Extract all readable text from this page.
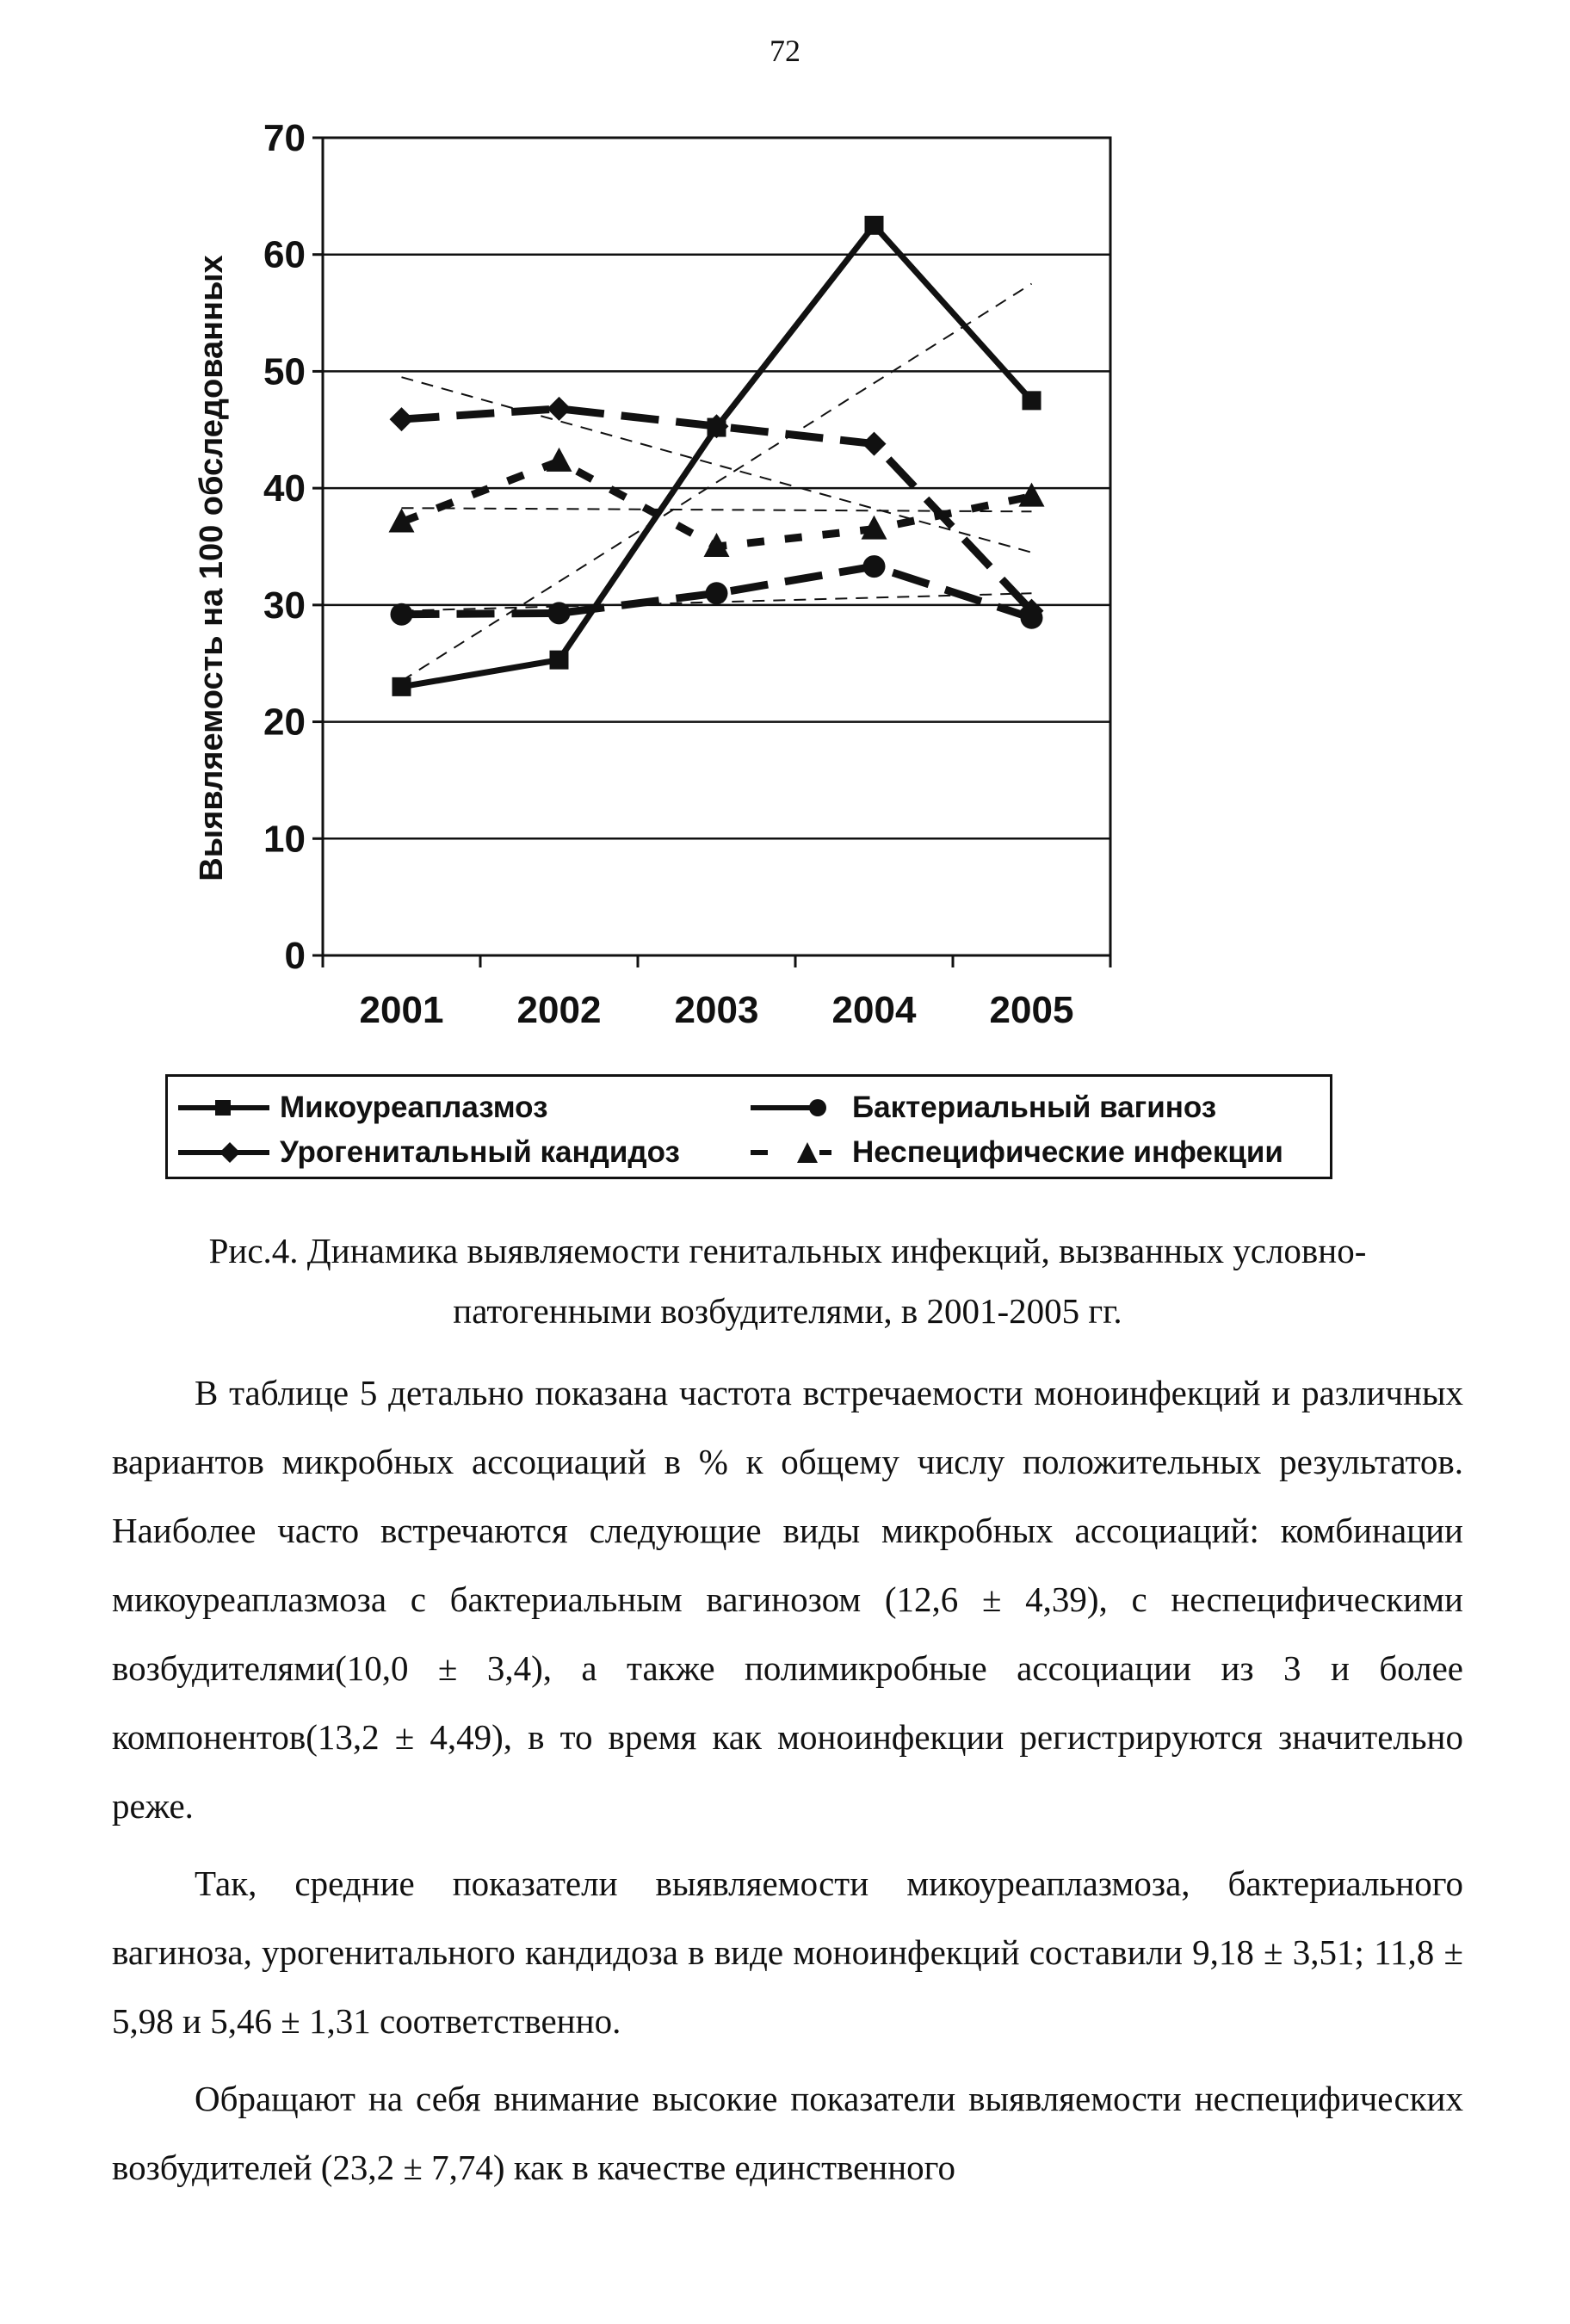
72
0
10
20
30
40
50
60
70
2001 2002 2003 2004 2005
Выявляемость на 100 обследованных
Микоуреаплазмоз	Бактериальный вагиноз
Урогенитальный кандидоз	Неспецифические инфекции
Рис.4. Динамика выявляемости генитальных инфекций, вызванных условно-
патогенными возбудителями, в 2001-2005 гг.

В таблице 5 детально показана частота встречаемости моноинфекций и различных вариантов микробных ассоциаций в % к общему числу положительных результатов. Наиболее часто встречаются следующие виды микробных ассоциаций: комбинации микоуреаплазмоза с бактериальным вагинозом (12,6 ± 4,39), с неспецифическими возбудителями(10,0 ± 3,4), а также полимикробные ассоциации из 3 и более компонентов(13,2 ± 4,49), в то время как моноинфекции регистрируются значительно реже.

Так, средние показатели выявляемости микоуреаплазмоза, бактериального вагиноза, урогенитального кандидоза в виде моноинфекций составили 9,18 ± 3,51; 11,8 ± 5,98 и 5,46 ± 1,31 соответственно.

Обращают на себя внимание высокие показатели выявляемости неспецифических возбудителей (23,2 ± 7,74) как в качестве единственного
